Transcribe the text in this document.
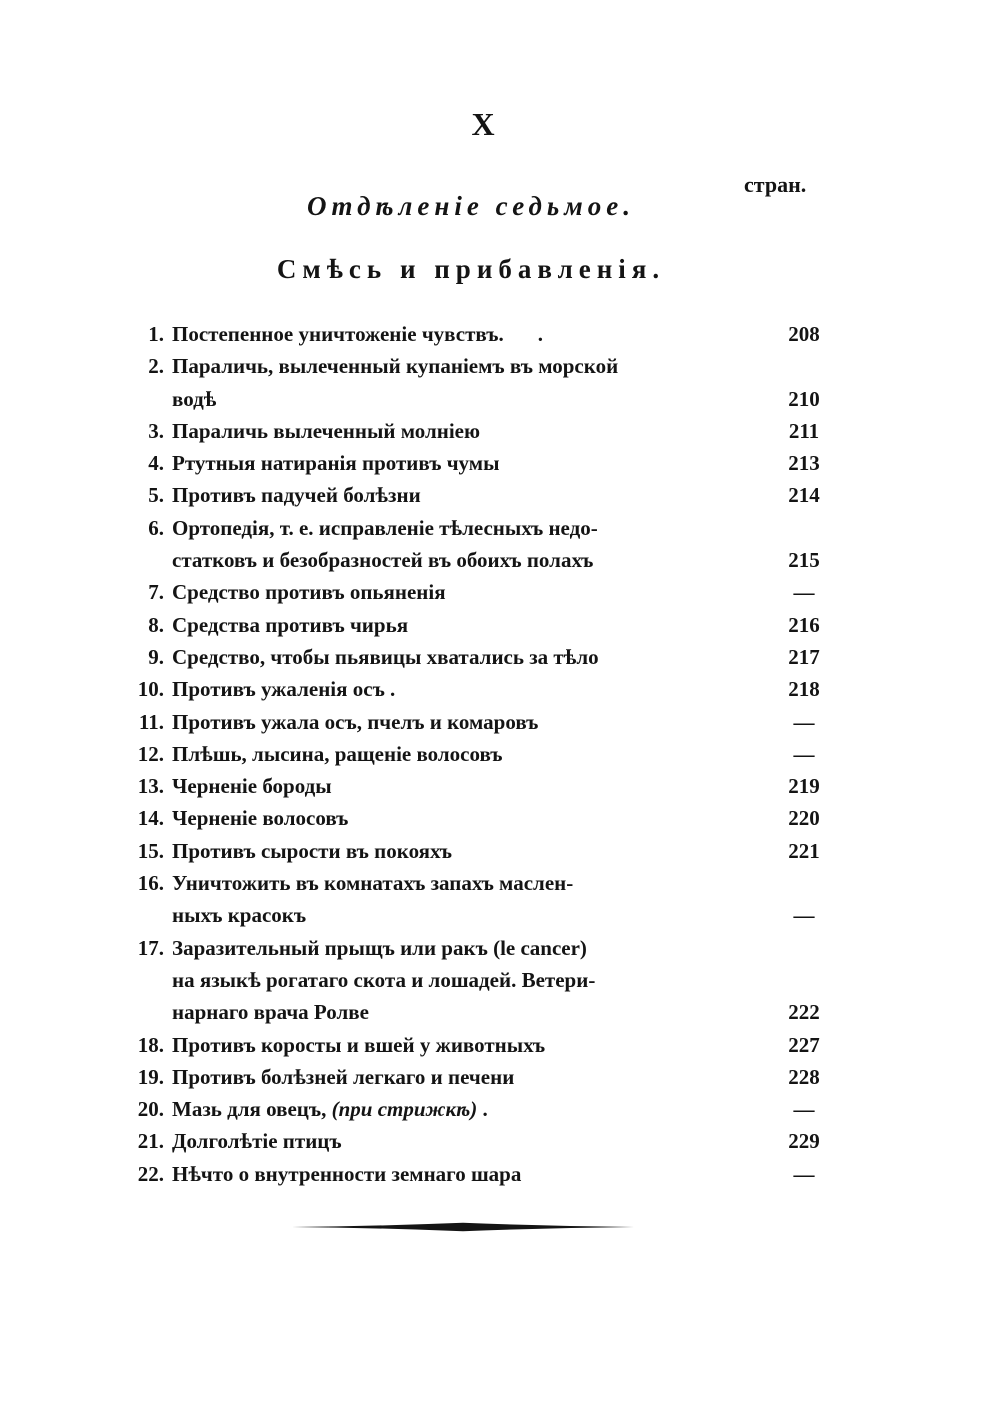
X
стран.
Отдѣленіе седьмое.
Смѣсь и прибавленія.
1. Постепенное уничтоженіе чувствъ. .	208
2. Параличь, вылеченный купаніемъ въ морской
водѣ	210
3. Параличь вылеченный молніею	211
4. Ртутныя натиранія противъ чумы	213
5. Противъ падучей болѣзни	214
6. Ортопедія, т. е. исправленіе тѣлесныхъ недо-
статковъ и безобразностей въ обоихъ полахъ	215
7. Средство противъ опьяненія	—
8. Средства противъ чирья	216
9. Средство, чтобы пьявицы хватались за тѣло	217
10. Противъ ужаленія осъ .	218
11. Противъ ужала осъ, пчелъ и комаровъ	—
12. Плѣшь, лысина, ращеніе волосовъ	—
13. Черненіе бороды	219
14. Черненіе волосовъ	220
15. Противъ сырости въ покояхъ	221
16. Уничтожить въ комнатахъ запахъ маслен-
ныхъ красокъ	—
17. Заразительный прыщъ или ракъ (le cancer)
на языкѣ рогатаго скота и лошадей. Ветери-
нарнаго врача Ролве	222
18. Противъ коросты и вшей у животныхъ	227
19. Противъ болѣзней легкаго и печени	228
20. Мазь для овецъ, (при стрижкѣ) .	—
21. Долголѣтіе птицъ	229
22. Нѣчто о внутренности земнаго шара	—
